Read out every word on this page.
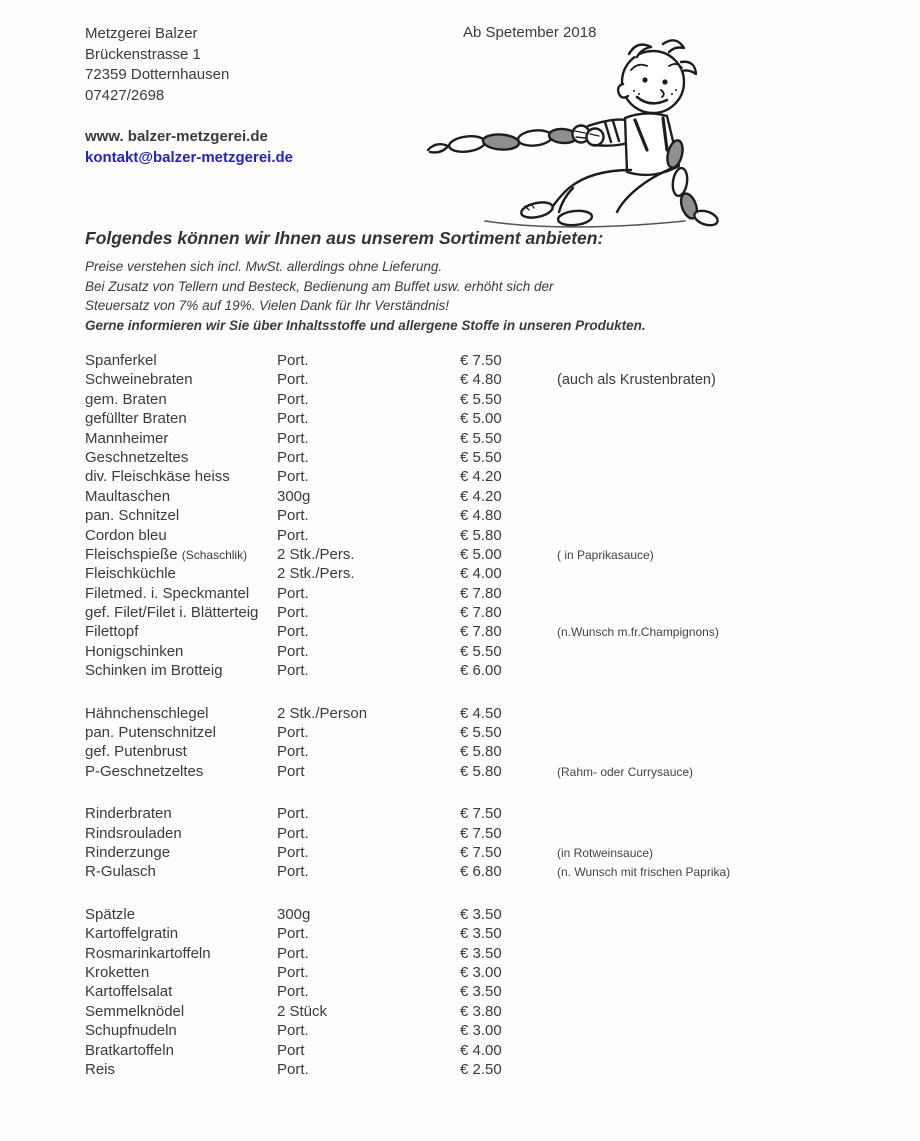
Metzgerei Balzer
Brückenstrasse 1
72359 Dotternhausen
07427/2698
Ab Spetember 2018
www. balzer-metzgerei.de
kontakt@balzer-metzgerei.de

Folgendes können wir Ihnen aus unserem Sortiment anbieten:

Preise verstehen sich incl. MwSt. allerdings ohne Lieferung.

Bei Zusatz von Tellern und Besteck, Bedienung am Buffet usw. erhöht sich der

Steuersatz von 7% auf 19%. Vielen Dank für Ihr Verständnis!

Gerne informieren wir Sie über Inhaltsstoffe und allergene Stoffe in unseren Produkten.

Spanferkel	Port.	€ 7.50
Schweinebraten	Port.	€ 4.80	(auch als Krustenbraten)
gem. Braten	Port.	€ 5.50
gefüllter Braten	Port.	€ 5.00
Mannheimer	Port.	€ 5.50
Geschnetzeltes	Port.	€ 5.50
div. Fleischkäse heiss	Port.	€ 4.20
Maultaschen	300g	€ 4.20
pan. Schnitzel	Port.	€ 4.80
Cordon bleu	Port.	€ 5.80
Fleischspieße (Schaschlik)	2 Stk./Pers.	€ 5.00	( in Paprikasauce)
Fleischküchle	2 Stk./Pers.	€ 4.00
Filetmed. i. Speckmantel	Port.	€ 7.80
gef. Filet/Filet i. Blätterteig	Port.	€ 7.80
Filettopf	Port.	€ 7.80	(n.Wunsch m.fr.Champignons)
Honigschinken	Port.	€ 5.50
Schinken im Brotteig	Port.	€ 6.00
Hähnchenschlegel	2 Stk./Person	€ 4.50
pan. Putenschnitzel	Port.	€ 5.50
gef. Putenbrust	Port.	€ 5.80
P-Geschnetzeltes	Port	€ 5.80	(Rahm- oder Currysauce)
Rinderbraten	Port.	€ 7.50
Rindsrouladen	Port.	€ 7.50
Rinderzunge	Port.	€ 7.50	(in Rotweinsauce)
R-Gulasch	Port.	€ 6.80	(n. Wunsch mit frischen Paprika)
Spätzle	300g	€ 3.50
Kartoffelgratin	Port.	€ 3.50
Rosmarinkartoffeln	Port.	€ 3.50
Kroketten	Port.	€ 3.00
Kartoffelsalat	Port.	€ 3.50
Semmelknödel	2 Stück	€ 3.80
Schupfnudeln	Port.	€ 3.00
Bratkartoffeln	Port	€ 4.00
Reis	Port.	€ 2.50
